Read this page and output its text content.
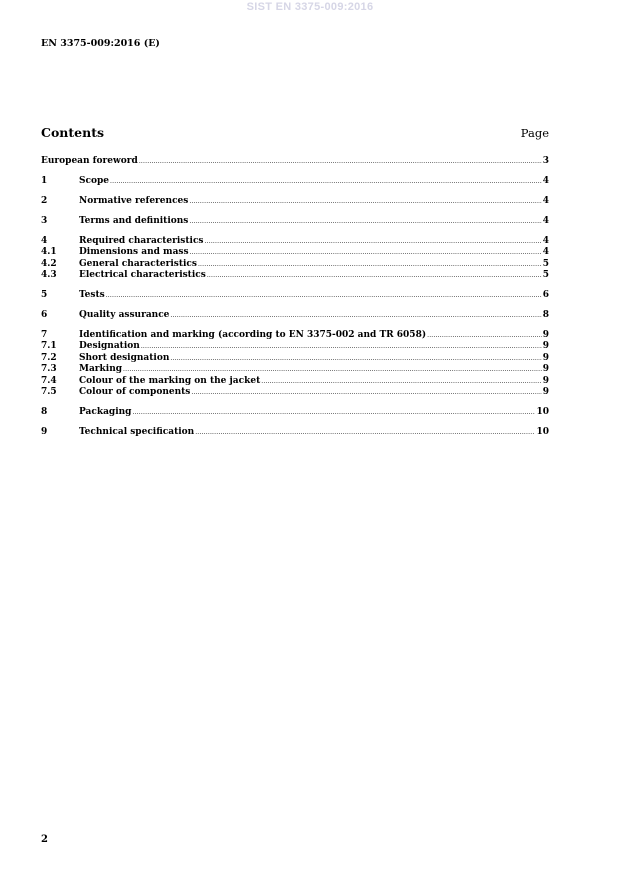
SIST EN 3375-009:2016
EN 3375-009:2016 (E)
Contents	Page
European foreword .....	3
1	Scope .....	4
2	Normative references .....	4
3	Terms and definitions .....	4
4	Required characteristics .....	4
4.1	Dimensions and mass .....	4
4.2	General characteristics .....	5
4.3	Electrical characteristics .....	5
5	Tests .....	6
6	Quality assurance .....	8
7	Identification and marking (according to EN 3375-002 and TR 6058) .....	9
7.1	Designation .....	9
7.2	Short designation .....	9
7.3	Marking .....	9
7.4	Colour of the marking on the jacket .....	9
7.5	Colour of components .....	9
8	Packaging .....	10
9	Technical specification .....	10
2
